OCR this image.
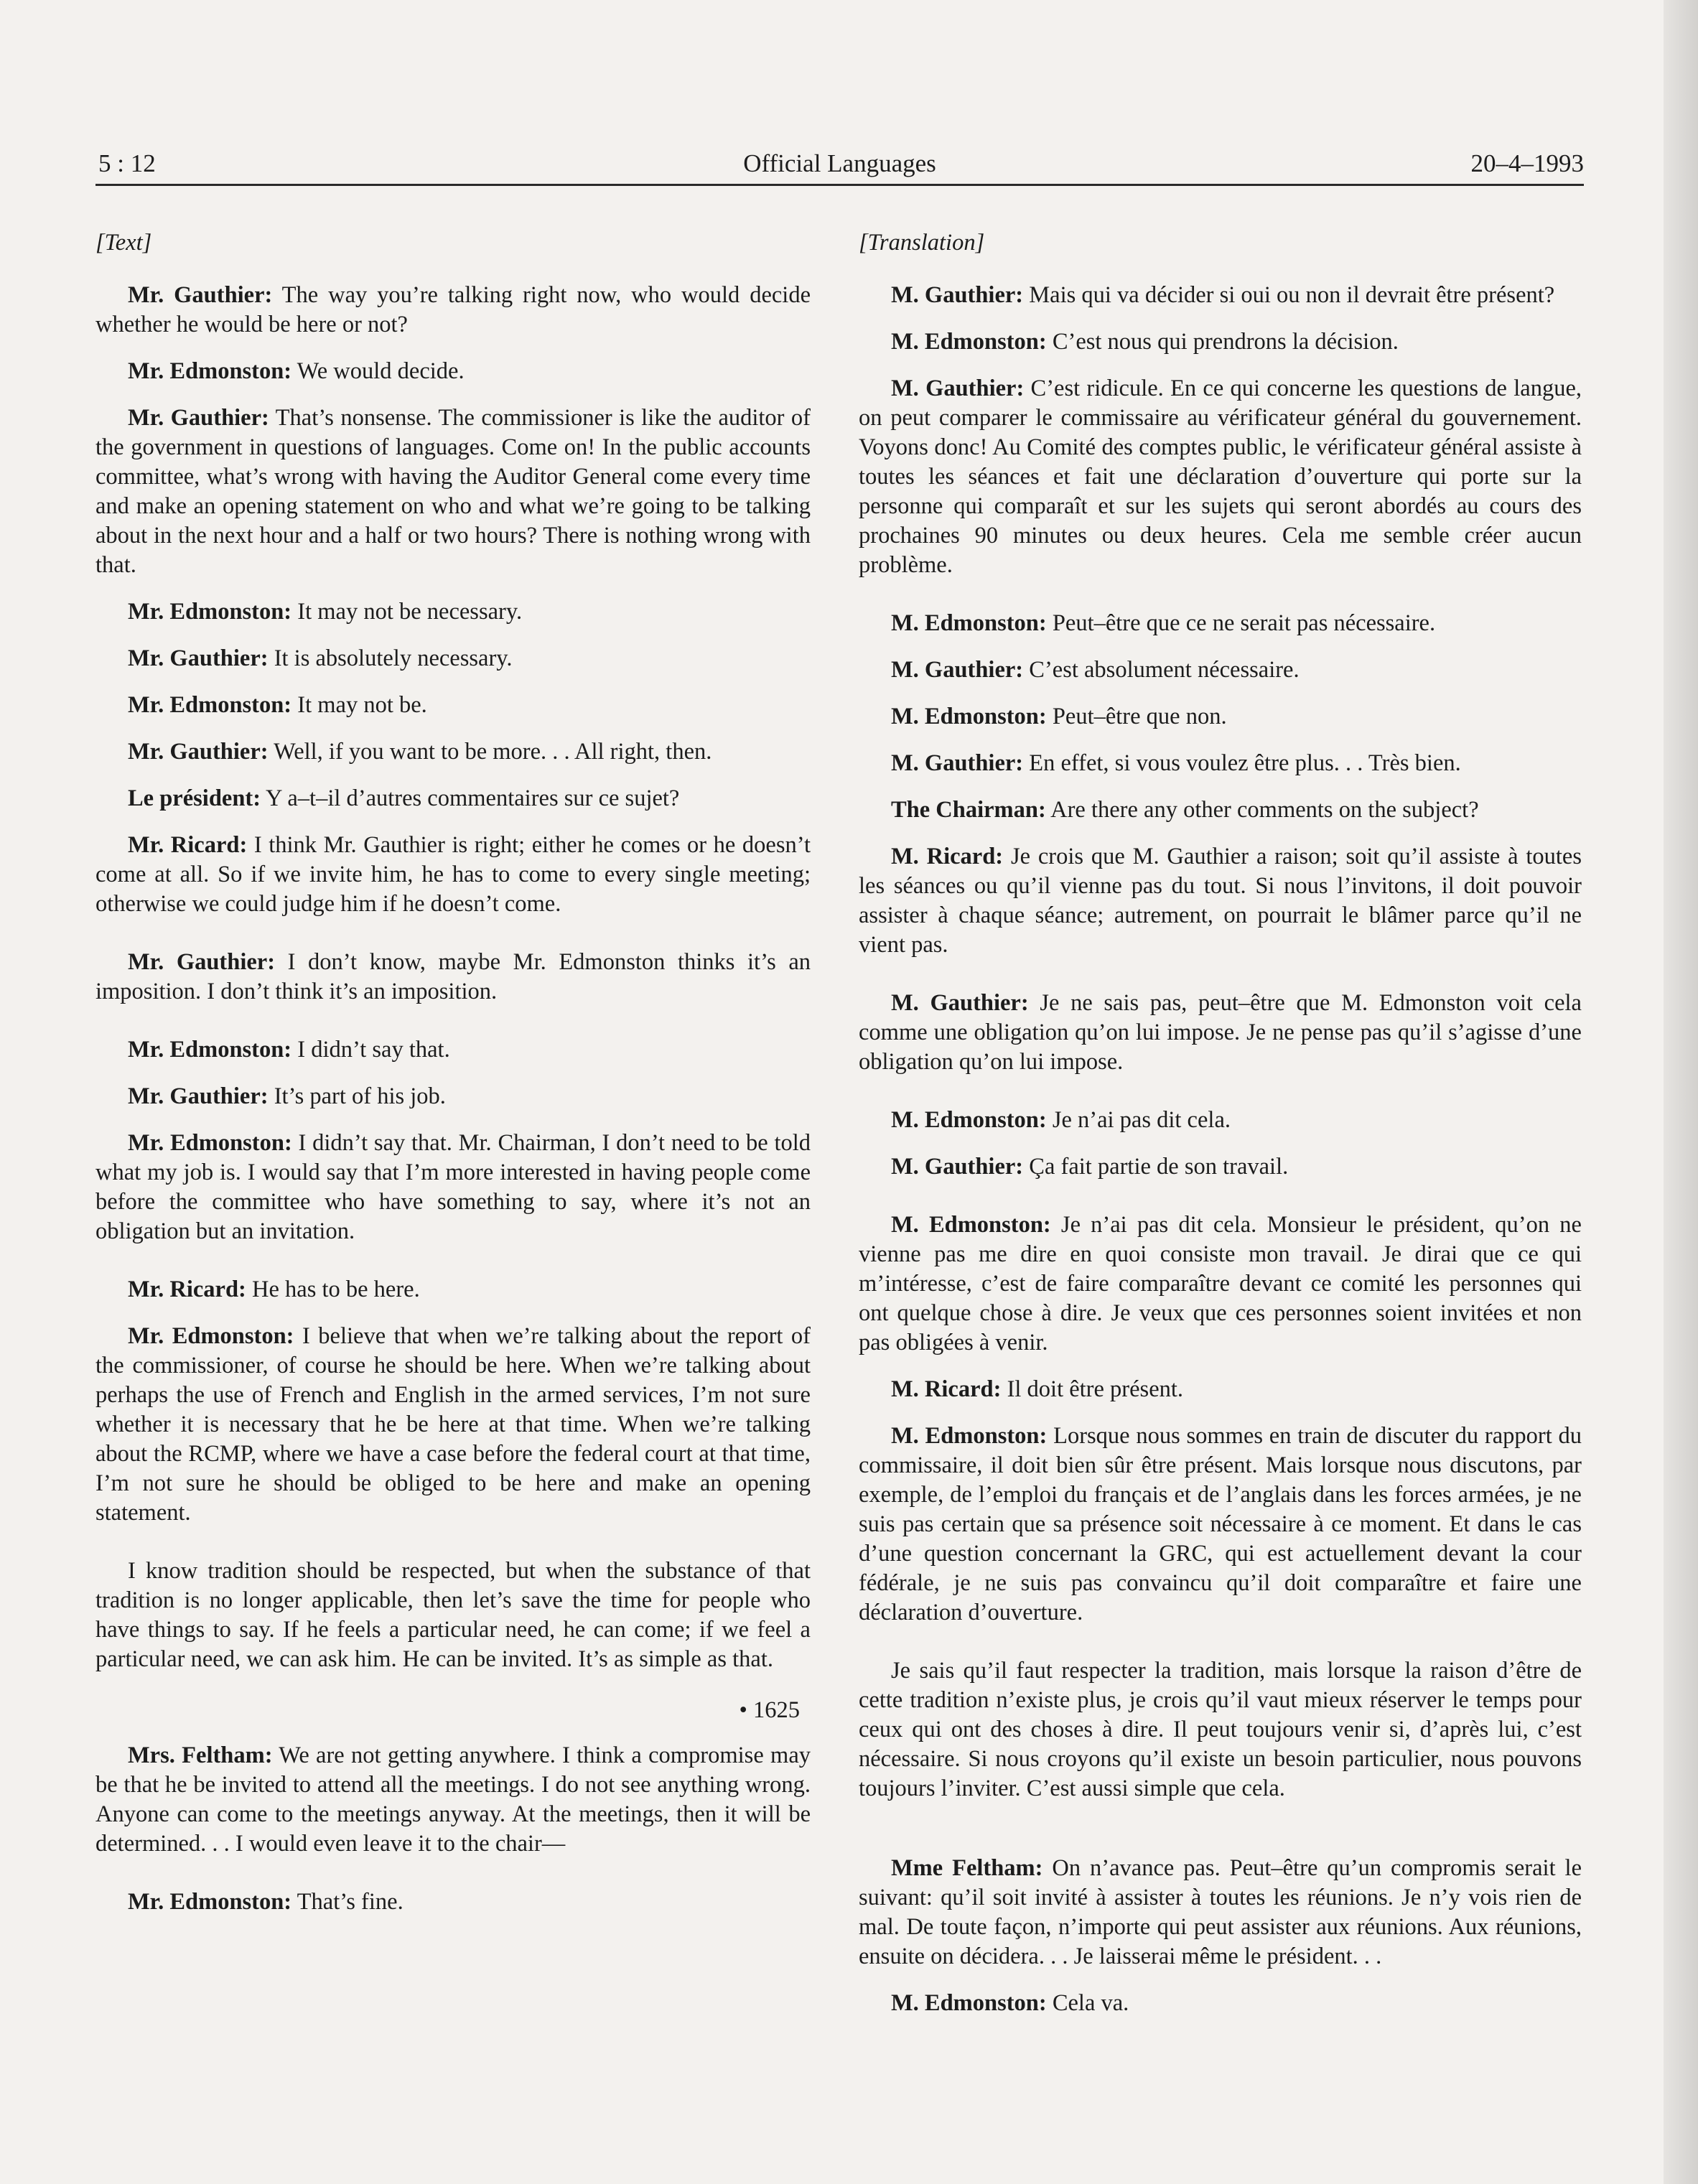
5 : 12	Official Languages	20–4–1993

[Text]

Mr. Gauthier: The way you’re talking right now, who would decide whether he would be here or not?

Mr. Edmonston: We would decide.

Mr. Gauthier: That’s nonsense. The commissioner is like the auditor of the government in questions of languages. Come on! In the public accounts committee, what’s wrong with having the Auditor General come every time and make an opening statement on who and what we’re going to be talking about in the next hour and a half or two hours? There is nothing wrong with that.

Mr. Edmonston: It may not be necessary.

Mr. Gauthier: It is absolutely necessary.

Mr. Edmonston: It may not be.

Mr. Gauthier: Well, if you want to be more. . . All right, then.

Le président: Y a–t–il d’autres commentaires sur ce sujet?

Mr. Ricard: I think Mr. Gauthier is right; either he comes or he doesn’t come at all. So if we invite him, he has to come to every single meeting; otherwise we could judge him if he doesn’t come.

Mr. Gauthier: I don’t know, maybe Mr. Edmonston thinks it’s an imposition. I don’t think it’s an imposition.

Mr. Edmonston: I didn’t say that.

Mr. Gauthier: It’s part of his job.

Mr. Edmonston: I didn’t say that. Mr. Chairman, I don’t need to be told what my job is. I would say that I’m more interested in having people come before the committee who have something to say, where it’s not an obligation but an invitation.

Mr. Ricard: He has to be here.

Mr. Edmonston: I believe that when we’re talking about the report of the commissioner, of course he should be here. When we’re talking about perhaps the use of French and English in the armed services, I’m not sure whether it is necessary that he be here at that time. When we’re talking about the RCMP, where we have a case before the federal court at that time, I’m not sure he should be obliged to be here and make an opening statement.

I know tradition should be respected, but when the substance of that tradition is no longer applicable, then let’s save the time for people who have things to say. If he feels a particular need, he can come; if we feel a particular need, we can ask him. He can be invited. It’s as simple as that.

• 1625

Mrs. Feltham: We are not getting anywhere. I think a compromise may be that he be invited to attend all the meetings. I do not see anything wrong. Anyone can come to the meetings anyway. At the meetings, then it will be determined. . . I would even leave it to the chair—

Mr. Edmonston: That’s fine.

[Translation]

M. Gauthier: Mais qui va décider si oui ou non il devrait être présent?

M. Edmonston: C’est nous qui prendrons la décision.

M. Gauthier: C’est ridicule. En ce qui concerne les questions de langue, on peut comparer le commissaire au vérificateur général du gouvernement. Voyons donc! Au Comité des comptes public, le vérificateur général assiste à toutes les séances et fait une déclaration d’ouverture qui porte sur la personne qui comparaît et sur les sujets qui seront abordés au cours des prochaines 90 minutes ou deux heures. Cela me semble créer aucun problème.

M. Edmonston: Peut–être que ce ne serait pas nécessaire.

M. Gauthier: C’est absolument nécessaire.

M. Edmonston: Peut–être que non.

M. Gauthier: En effet, si vous voulez être plus. . . Très bien.

The Chairman: Are there any other comments on the subject?

M. Ricard: Je crois que M. Gauthier a raison; soit qu’il assiste à toutes les séances ou qu’il vienne pas du tout. Si nous l’invitons, il doit pouvoir assister à chaque séance; autrement, on pourrait le blâmer parce qu’il ne vient pas.

M. Gauthier: Je ne sais pas, peut–être que M. Edmonston voit cela comme une obligation qu’on lui impose. Je ne pense pas qu’il s’agisse d’une obligation qu’on lui impose.

M. Edmonston: Je n’ai pas dit cela.

M. Gauthier: Ça fait partie de son travail.

M. Edmonston: Je n’ai pas dit cela. Monsieur le président, qu’on ne vienne pas me dire en quoi consiste mon travail. Je dirai que ce qui m’intéresse, c’est de faire comparaître devant ce comité les personnes qui ont quelque chose à dire. Je veux que ces personnes soient invitées et non pas obligées à venir.

M. Ricard: Il doit être présent.

M. Edmonston: Lorsque nous sommes en train de discuter du rapport du commissaire, il doit bien sûr être présent. Mais lorsque nous discutons, par exemple, de l’emploi du français et de l’anglais dans les forces armées, je ne suis pas certain que sa présence soit nécessaire à ce moment. Et dans le cas d’une question concernant la GRC, qui est actuellement devant la cour fédérale, je ne suis pas convaincu qu’il doit comparaître et faire une déclaration d’ouverture.

Je sais qu’il faut respecter la tradition, mais lorsque la raison d’être de cette tradition n’existe plus, je crois qu’il vaut mieux réserver le temps pour ceux qui ont des choses à dire. Il peut toujours venir si, d’après lui, c’est nécessaire. Si nous croyons qu’il existe un besoin particulier, nous pouvons toujours l’inviter. C’est aussi simple que cela.

Mme Feltham: On n’avance pas. Peut–être qu’un compromis serait le suivant: qu’il soit invité à assister à toutes les réunions. Je n’y vois rien de mal. De toute façon, n’importe qui peut assister aux réunions. Aux réunions, ensuite on décidera. . . Je laisserai même le président. . .

M. Edmonston: Cela va.
